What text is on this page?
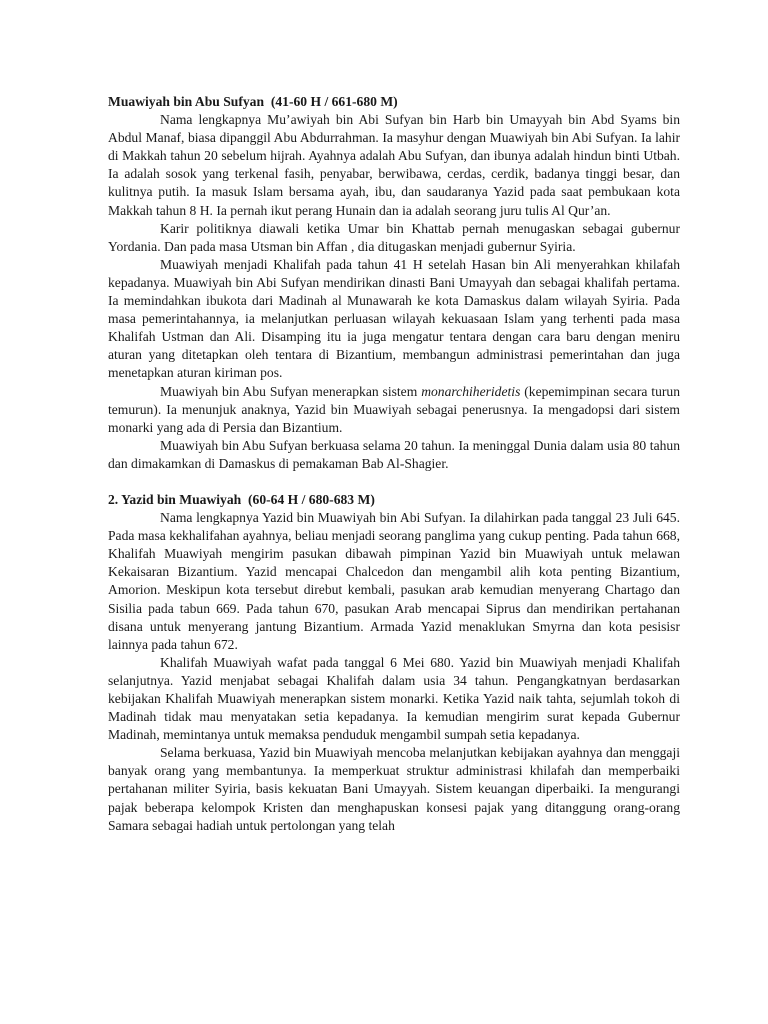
Muawiyah bin Abu Sufyan (41-60 H / 661-680 M)

Nama lengkapnya Mu’awiyah bin Abi Sufyan bin Harb bin Umayyah bin Abd Syams bin Abdul Manaf, biasa dipanggil Abu Abdurrahman. Ia masyhur dengan Muawiyah bin Abi Sufyan. Ia lahir di Makkah tahun 20 sebelum hijrah. Ayahnya adalah Abu Sufyan, dan ibunya adalah hindun binti Utbah. Ia adalah sosok yang terkenal fasih, penyabar, berwibawa, cerdas, cerdik, badanya tinggi besar, dan kulitnya putih. Ia masuk Islam bersama ayah, ibu, dan saudaranya Yazid pada saat pembukaan kota Makkah tahun 8 H. Ia pernah ikut perang Hunain dan ia adalah seorang juru tulis Al Qur’an.

Karir politiknya diawali ketika Umar bin Khattab pernah menugaskan sebagai gubernur Yordania. Dan pada masa Utsman bin Affan , dia ditugaskan menjadi gubernur Syiria.

Muawiyah menjadi Khalifah pada tahun 41 H setelah Hasan bin Ali menyerahkan khilafah kepadanya. Muawiyah bin Abi Sufyan mendirikan dinasti Bani Umayyah dan sebagai khalifah pertama. Ia memindahkan ibukota dari Madinah al Munawarah ke kota Damaskus dalam wilayah Syiria. Pada masa pemerintahannya, ia melanjutkan perluasan wilayah kekuasaan Islam yang terhenti pada masa Khalifah Ustman dan Ali. Disamping itu ia juga mengatur tentara dengan cara baru dengan meniru aturan yang ditetapkan oleh tentara di Bizantium, membangun administrasi pemerintahan dan juga menetapkan aturan kiriman pos.

Muawiyah bin Abu Sufyan menerapkan sistem monarchiheridetis (kepemimpinan secara turun temurun). Ia menunjuk anaknya, Yazid bin Muawiyah sebagai penerusnya. Ia mengadopsi dari sistem monarki yang ada di Persia dan Bizantium.

Muawiyah bin Abu Sufyan berkuasa selama 20 tahun. Ia meninggal Dunia dalam usia 80 tahun dan dimakamkan di Damaskus di pemakaman Bab Al-Shagier.

2. Yazid bin Muawiyah (60-64 H / 680-683 M)

Nama lengkapnya Yazid bin Muawiyah bin Abi Sufyan. Ia dilahirkan pada tanggal 23 Juli 645. Pada masa kekhalifahan ayahnya, beliau menjadi seorang panglima yang cukup penting. Pada tahun 668, Khalifah Muawiyah mengirim pasukan dibawah pimpinan Yazid bin Muawiyah untuk melawan Kekaisaran Bizantium. Yazid mencapai Chalcedon dan mengambil alih kota penting Bizantium, Amorion. Meskipun kota tersebut direbut kembali, pasukan arab kemudian menyerang Chartago dan Sisilia pada tabun 669. Pada tahun 670, pasukan Arab mencapai Siprus dan mendirikan pertahanan disana untuk menyerang jantung Bizantium. Armada Yazid menaklukan Smyrna dan kota pesisisr lainnya pada tahun 672.

Khalifah Muawiyah wafat pada tanggal 6 Mei 680. Yazid bin Muawiyah menjadi Khalifah selanjutnya. Yazid menjabat sebagai Khalifah dalam usia 34 tahun. Pengangkatnyan berdasarkan kebijakan Khalifah Muawiyah menerapkan sistem monarki. Ketika Yazid naik tahta, sejumlah tokoh di Madinah tidak mau menyatakan setia kepadanya. Ia kemudian mengirim surat kepada Gubernur Madinah, memintanya untuk memaksa penduduk mengambil sumpah setia kepadanya.

Selama berkuasa, Yazid bin Muawiyah mencoba melanjutkan kebijakan ayahnya dan menggaji banyak orang yang membantunya. Ia memperkuat struktur administrasi khilafah dan memperbaiki pertahanan militer Syiria, basis kekuatan Bani Umayyah. Sistem keuangan diperbaiki. Ia mengurangi pajak beberapa kelompok Kristen dan menghapuskan konsesi pajak yang ditanggung orang-orang Samara sebagai hadiah untuk pertolongan yang telah
